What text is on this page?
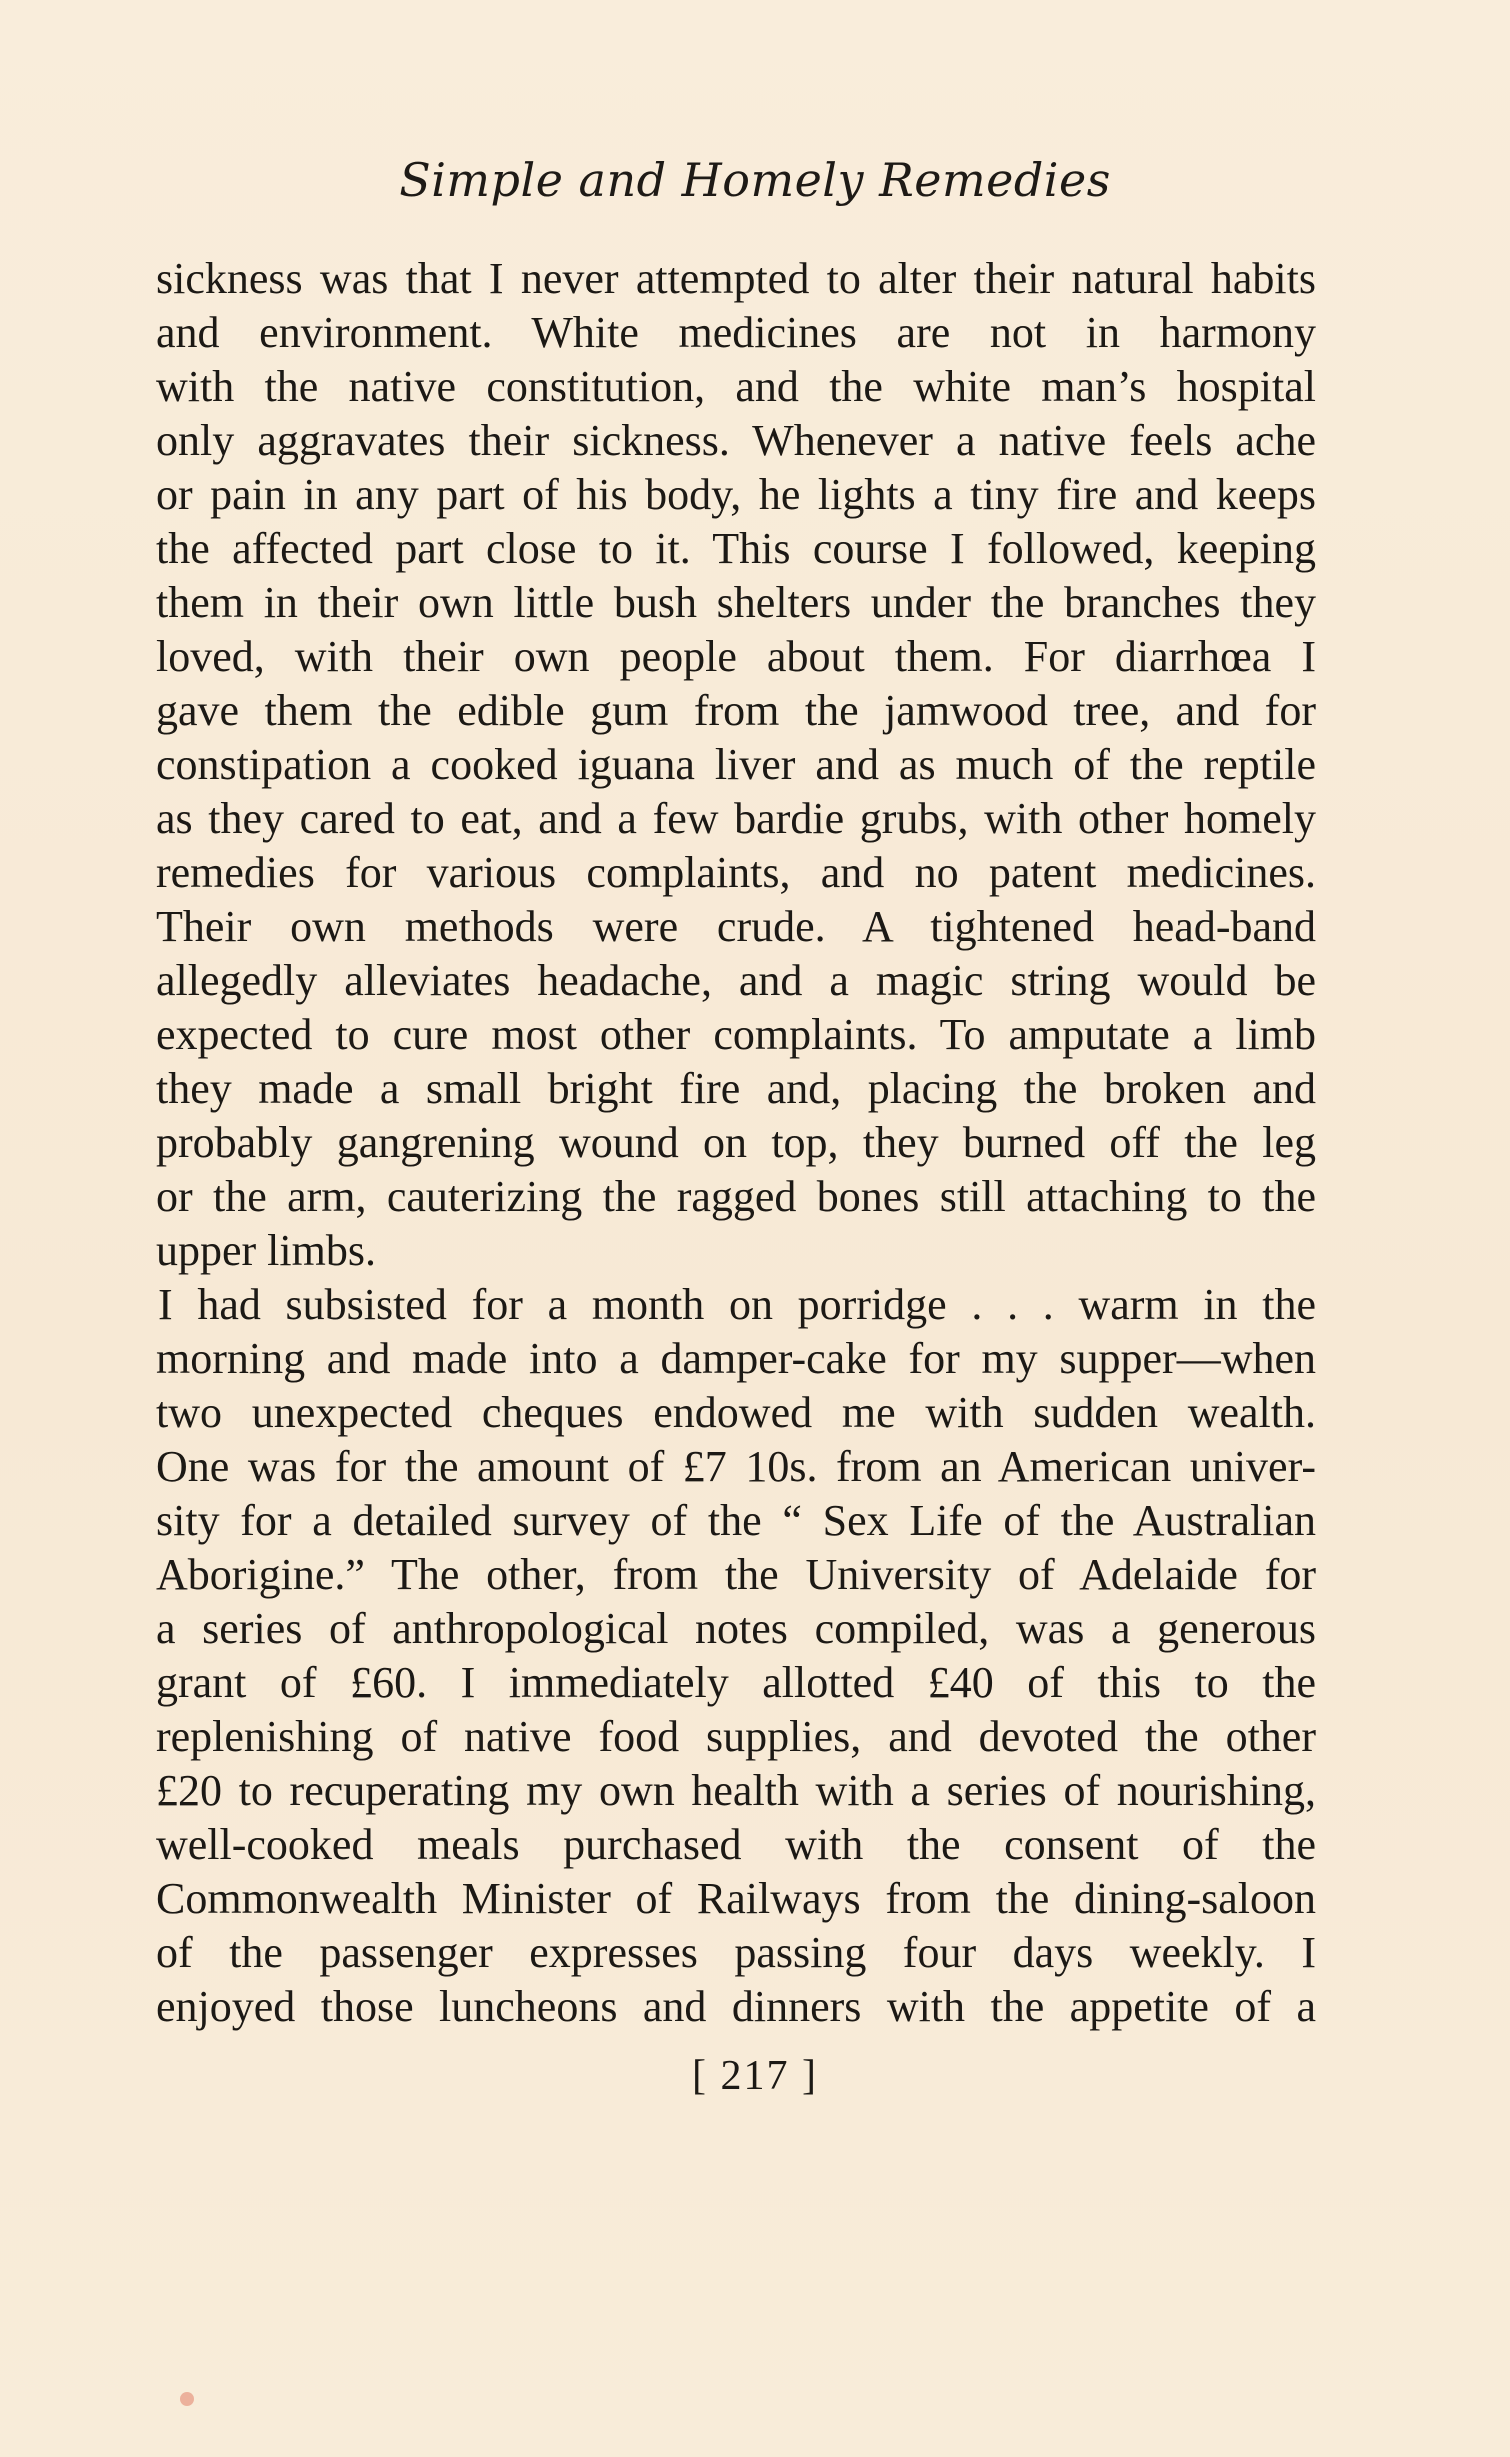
Simple and Homely Remedies
sickness was that I never attempted to alter their natural habits
and environment. White medicines are not in harmony
with the native constitution, and the white man’s hospital
only aggravates their sickness. Whenever a native feels ache
or pain in any part of his body, he lights a tiny fire and keeps
the affected part close to it. This course I followed, keeping
them in their own little bush shelters under the branches they
loved, with their own people about them. For diarrhœa I
gave them the edible gum from the jamwood tree, and for
constipation a cooked iguana liver and as much of the reptile
as they cared to eat, and a few bardie grubs, with other homely
remedies for various complaints, and no patent medicines.
Their own methods were crude. A tightened head-band
allegedly alleviates headache, and a magic string would be
expected to cure most other complaints. To amputate a limb
they made a small bright fire and, placing the broken and
probably gangrening wound on top, they burned off the leg
or the arm, cauterizing the ragged bones still attaching to the
upper limbs.
I had subsisted for a month on porridge . . . warm in the
morning and made into a damper-cake for my supper—when
two unexpected cheques endowed me with sudden wealth.
One was for the amount of £7 10s. from an American univer-
sity for a detailed survey of the “ Sex Life of the Australian
Aborigine.” The other, from the University of Adelaide for
a series of anthropological notes compiled, was a generous
grant of £60. I immediately allotted £40 of this to the
replenishing of native food supplies, and devoted the other
£20 to recuperating my own health with a series of nourishing,
well-cooked meals purchased with the consent of the
Commonwealth Minister of Railways from the dining-saloon
of the passenger expresses passing four days weekly. I
enjoyed those luncheons and dinners with the appetite of a
[ 217 ]
